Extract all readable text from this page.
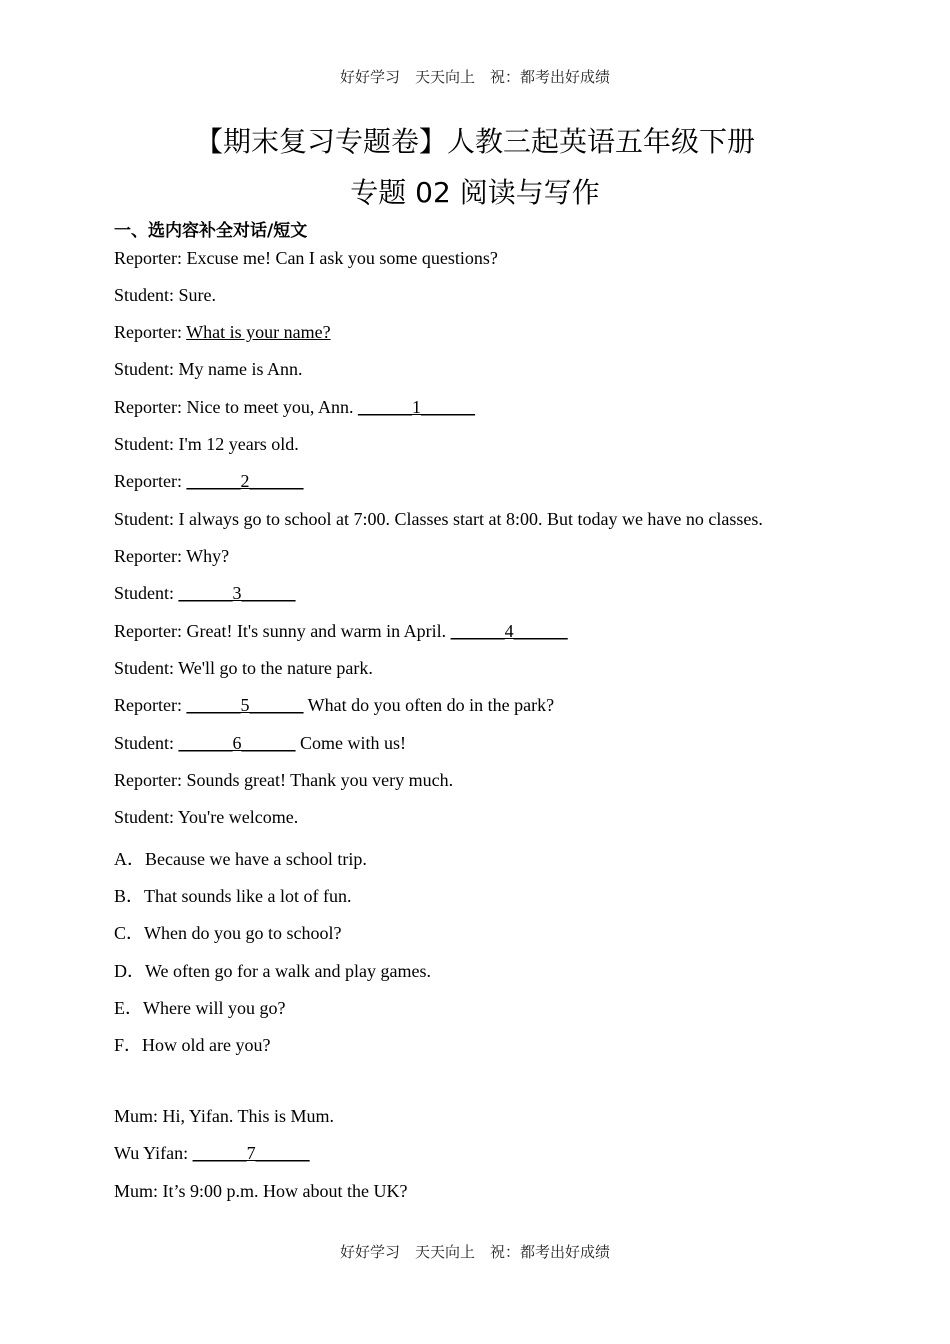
好好学习　天天向上　祝：都考出好成绩
【期末复习专题卷】人教三起英语五年级下册
专题 02 阅读与写作
一、选内容补全对话/短文
Reporter: Excuse me! Can I ask you some questions?
Student: Sure.
Reporter: What is your name?
Student: My name is Ann.
Reporter: Nice to meet you, Ann. ______1______
Student: I'm 12 years old.
Reporter: ______2______
Student: I always go to school at 7:00. Classes start at 8:00. But today we have no classes.
Reporter: Why?
Student: ______3______
Reporter: Great! It's sunny and warm in April. ______4______
Student: We'll go to the nature park.
Reporter: ______5______ What do you often do in the park?
Student: ______6______ Come with us!
Reporter: Sounds great! Thank you very much.
Student: You're welcome.
A．Because we have a school trip.
B．That sounds like a lot of fun.
C．When do you go to school?
D．We often go for a walk and play games.
E．Where will you go?
F．How old are you?
Mum: Hi, Yifan. This is Mum.
Wu Yifan: ______7______
Mum: It’s 9:00 p.m. How about the UK?
好好学习　天天向上　祝：都考出好成绩
